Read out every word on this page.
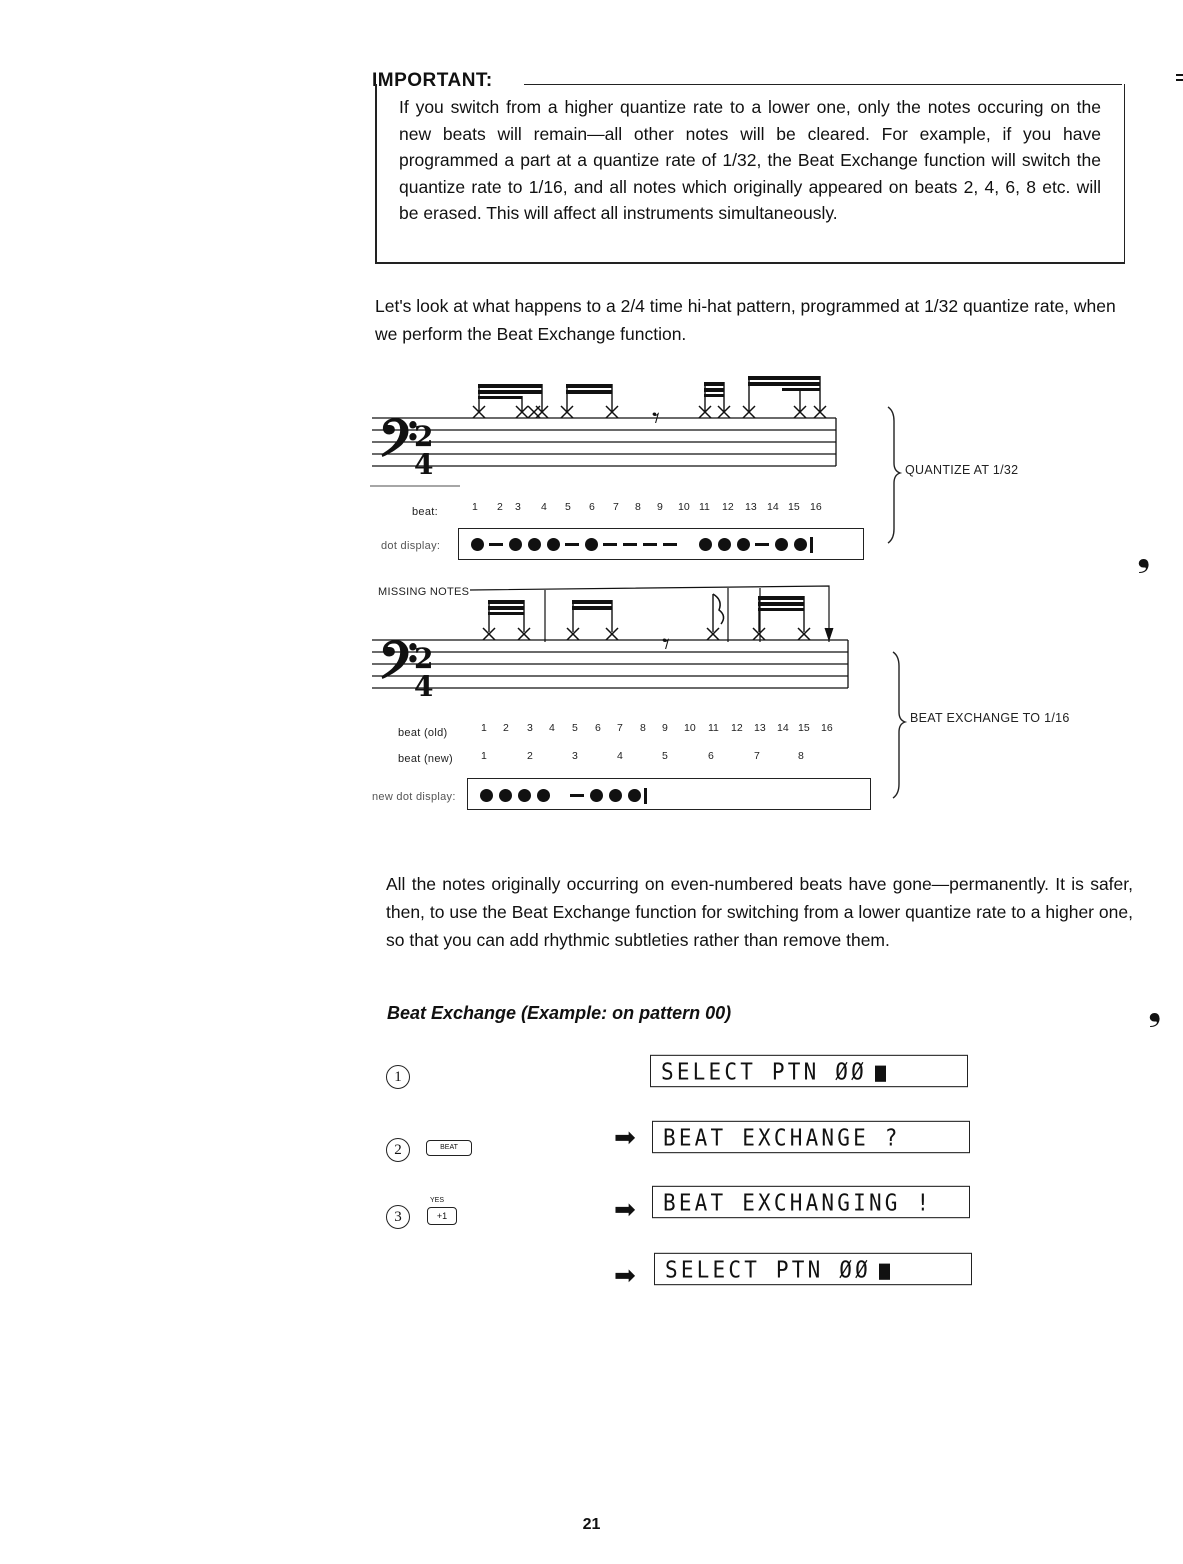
IMPORTANT:
If you switch from a higher quantize rate to a lower one, only the notes occuring on the new beats will remain—all other notes will be cleared. For example, if you have programmed a part at a quantize rate of 1/32, the Beat Exchange function will switch the quantize rate to 1/16, and all notes which originally appeared on beats 2, 4, 6, 8 etc. will be erased. This will affect all instruments simultaneously.
Let's look at what happens to a 2/4 time hi-hat pattern, programmed at 1/32 quantize rate, when we perform the Beat Exchange function.
𝄢
2
4
𝄾
beat:	1 2 3 4 5 6 7 8 9 10 11 12 13 14 15 16
dot display:
QUANTIZE AT 1/32
MISSING NOTES
𝄢
2
4
𝄾
beat (old)	1 2 3 4 5 6 7 8 9 10 11 12 13 14 15 16
beat (new)	1	2	3	4	5	6	7	8
new dot display:
BEAT EXCHANGE TO 1/16
All the notes originally occurring on even-numbered beats have gone—permanently. It is safer, then, to use the Beat Exchange function for switching from a lower quantize rate to a higher one, so that you can add rhythmic subtleties rather than remove them.
Beat Exchange (Example: on pattern 00)
1	SELECT PTN ØØ
2	BEAT	➡	BEAT EXCHANGE ?
3
YES
+1	➡	BEAT EXCHANGING !
➡	SELECT PTN ØØ
❟
❟
21
